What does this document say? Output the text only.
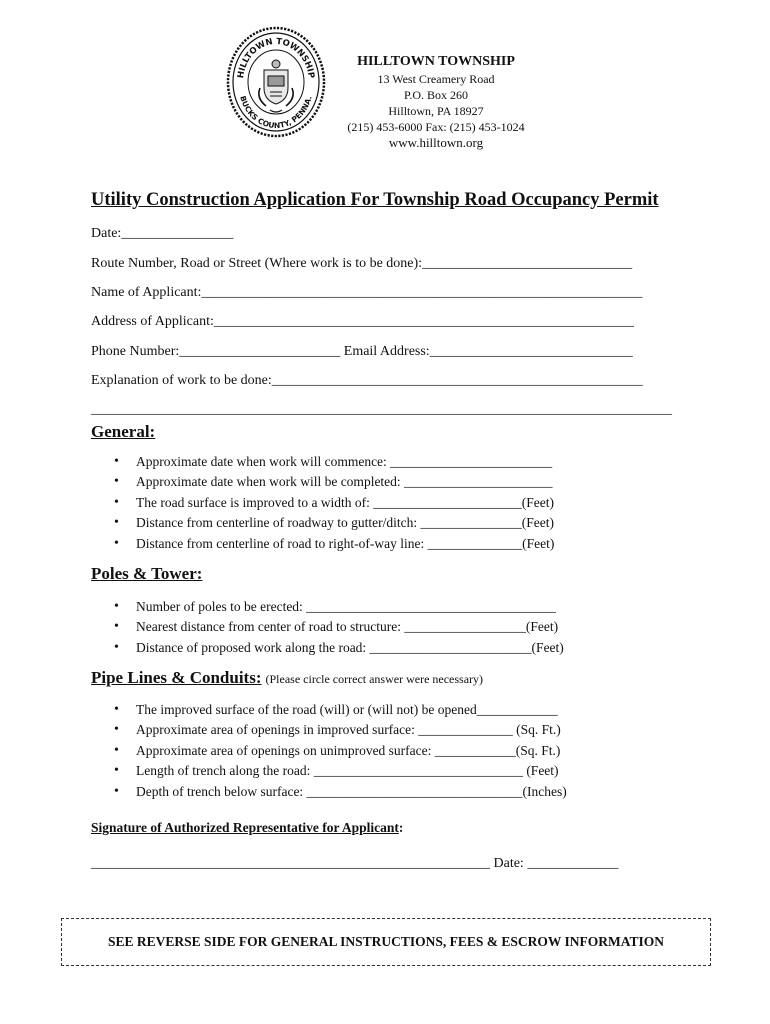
HILLTOWN TOWNSHIP
BUCKS COUNTY, PENNA.
HILLTOWN TOWNSHIP
13 West Creamery Road
P.O. Box 260
Hilltown, PA 18927
(215) 453-6000 Fax: (215) 453-1024
www.hilltown.org
Utility Construction Application For Township Road Occupancy Permit
Date:________________
Route Number, Road or Street (Where work is to be done):______________________________
Name of Applicant:_______________________________________________________________
Address of Applicant:____________________________________________________________
Phone Number:_______________________ Email Address:_____________________________
Explanation of work to be done:_____________________________________________________
___________________________________________________________________________________
General:
• Approximate date when work will commence: ________________________
• Approximate date when work will be completed: ______________________
• The road surface is improved to a width of: ______________________(Feet)
• Distance from centerline of roadway to gutter/ditch: _______________(Feet)
• Distance from centerline of road to right-of-way line: ______________(Feet)
Poles & Tower:
• Number of poles to be erected: _____________________________________
• Nearest distance from center of road to structure: __________________(Feet)
• Distance of proposed work along the road: ________________________(Feet)
Pipe Lines & Conduits: (Please circle correct answer were necessary)
• The improved surface of the road (will) or (will not) be opened____________
• Approximate area of openings in improved surface: ______________ (Sq. Ft.)
• Approximate area of openings on unimproved surface: ____________(Sq. Ft.)
• Length of trench along the road: _______________________________ (Feet)
• Depth of trench below surface: ________________________________(Inches)
Signature of Authorized Representative for Applicant:
_________________________________________________________ Date: _____________
SEE REVERSE SIDE FOR GENERAL INSTRUCTIONS, FEES & ESCROW INFORMATION
